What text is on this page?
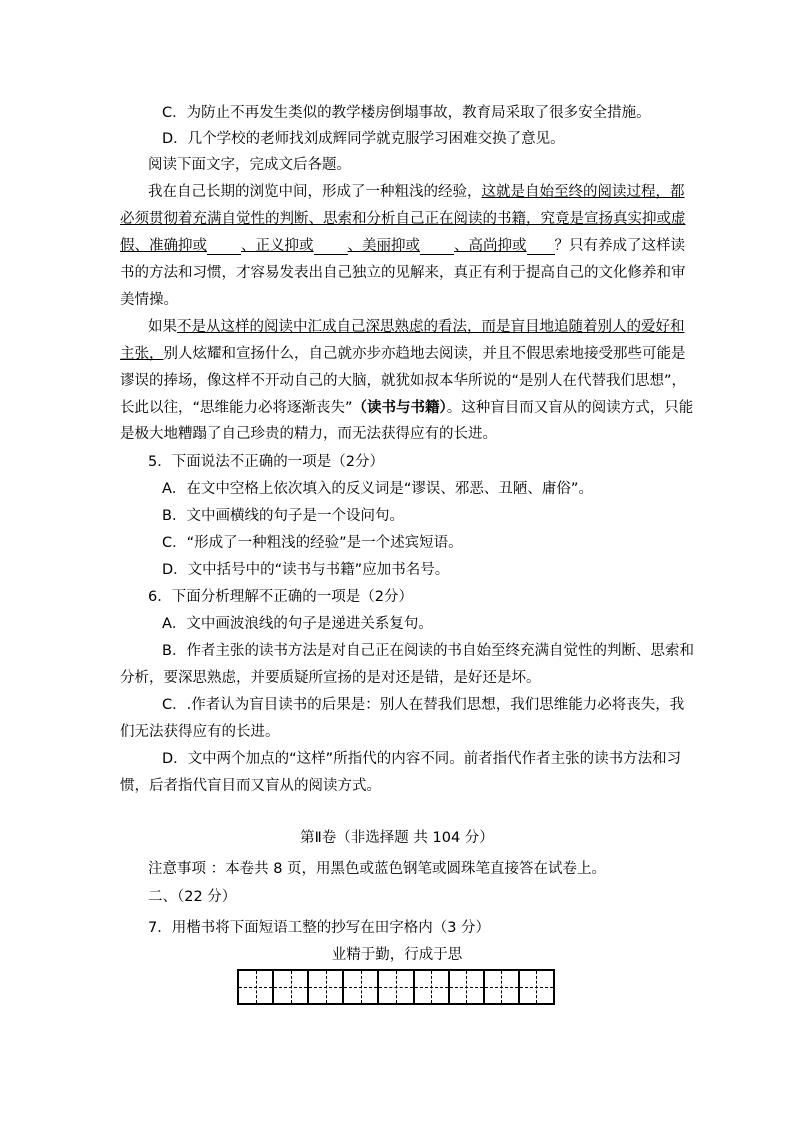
C．为防止不再发生类似的教学楼房倒塌事故，教育局采取了很多安全措施。
D．几个学校的老师找刘成辉同学就克服学习困难交换了意见。
阅读下面文字，完成文后各题。
我在自己长期的浏览中间，形成了一种粗浅的经验，这就是自始至终的阅读过程，都
必须贯彻着充满自觉性的判断、思索和分析自己正在阅读的书籍，究竟是宣扬真实抑或虚
假、准确抑或 、正义抑或 、美丽抑或 、高尚抑或 ？只有养成了这样读
书的方法和习惯，才容易发表出自己独立的见解来，真正有利于提高自己的文化修养和审
美情操。
如果不是从这样的阅读中汇成自己深思熟虑的看法，而是盲目地追随着别人的爱好和
主张，别人炫耀和宣扬什么，自己就亦步亦趋地去阅读，并且不假思索地接受那些可能是
谬误的捧场，像这样不开动自己的大脑，就犹如叔本华所说的“是别人在代替我们思想”，
长此以往，“思维能力必将逐渐丧失”（读书与书籍）。这种盲目而又盲从的阅读方式，只能
是极大地糟蹋了自己珍贵的精力，而无法获得应有的长进。
5．下面说法不正确的一项是（2分）
A．在文中空格上依次填入的反义词是“谬误、邪恶、丑陋、庸俗”。
B．文中画横线的句子是一个设问句。
C．“形成了一种粗浅的经验”是一个述宾短语。
D．文中括号中的“读书与书籍”应加书名号。
6．下面分析理解不正确的一项是（2分）
A．文中画波浪线的句子是递进关系复句。
B．作者主张的读书方法是对自己正在阅读的书自始至终充满自觉性的判断、思索和
分析，要深思熟虑，并要质疑所宣扬的是对还是错，是好还是坏。
C．.作者认为盲目读书的后果是：别人在替我们思想，我们思维能力必将丧失，我
们无法获得应有的长进。
D．文中两个加点的“这样”所指代的内容不同。前者指代作者主张的读书方法和习
惯，后者指代盲目而又盲从的阅读方式。
第Ⅱ卷（非选择题 共 104 分）
注意事项 ：本卷共 8 页，用黑色或蓝色钢笔或圆珠笔直接答在试卷上。
二、（22 分）
7．用楷书将下面短语工整的抄写在田字格内（3 分）
业精于勤，行成于思
